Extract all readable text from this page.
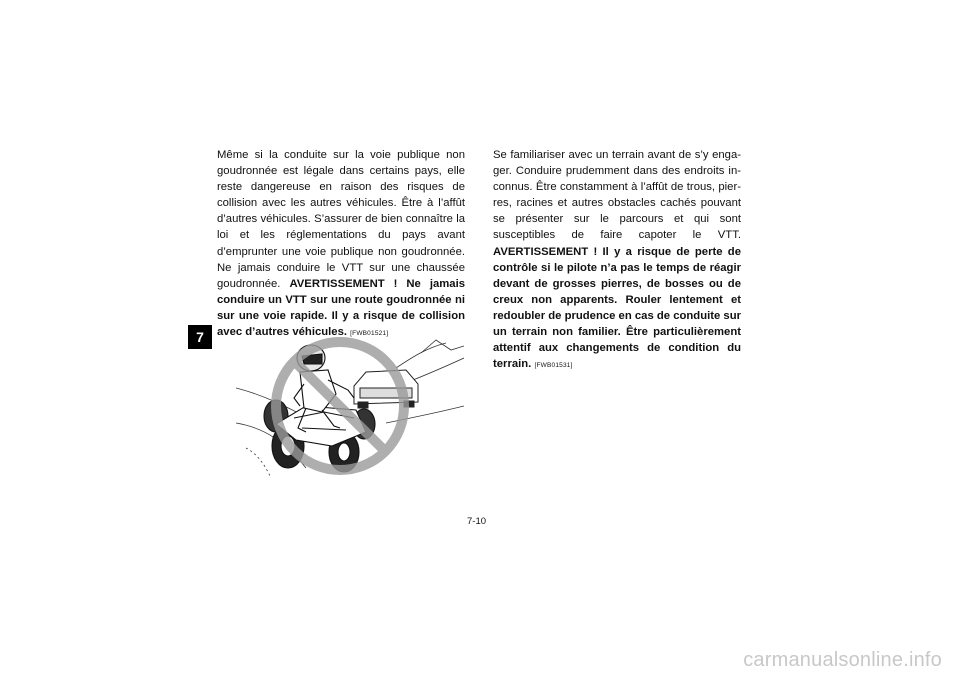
7

Même si la conduite sur la voie publique non goudronnée est légale dans certains pays, elle reste dangereuse en raison des risques de collision avec les autres véhicules. Être à l’affût d’autres véhicules. S’assurer de bien connaître la loi et les réglementations du pays avant d’emprunter une voie publique non goudronnée. Ne jamais conduire le VTT sur une chaussée goudronnée. AVERTISSEMENT ! Ne jamais conduire un VTT sur une route goudronnée ni sur une voie rapide. Il y a risque de collision avec d’autres véhicules. [FWB01521]

Se familiariser avec un terrain avant de s’y engager. Conduire prudemment dans des endroits inconnus. Être constamment à l’affût de trous, pierres, racines et autres obstacles cachés pouvant se présenter sur le parcours et qui sont susceptibles de faire capoter le VTT. AVERTISSEMENT ! Il y a risque de perte de contrôle si le pilote n’a pas le temps de réagir devant de grosses pierres, de bosses ou de creux non apparents. Rouler lentement et redoubler de prudence en cas de conduite sur un terrain non familier. Être particulièrement attentif aux changements de condition du terrain. [FWB01531]

7-10
carmanualsonline.info
